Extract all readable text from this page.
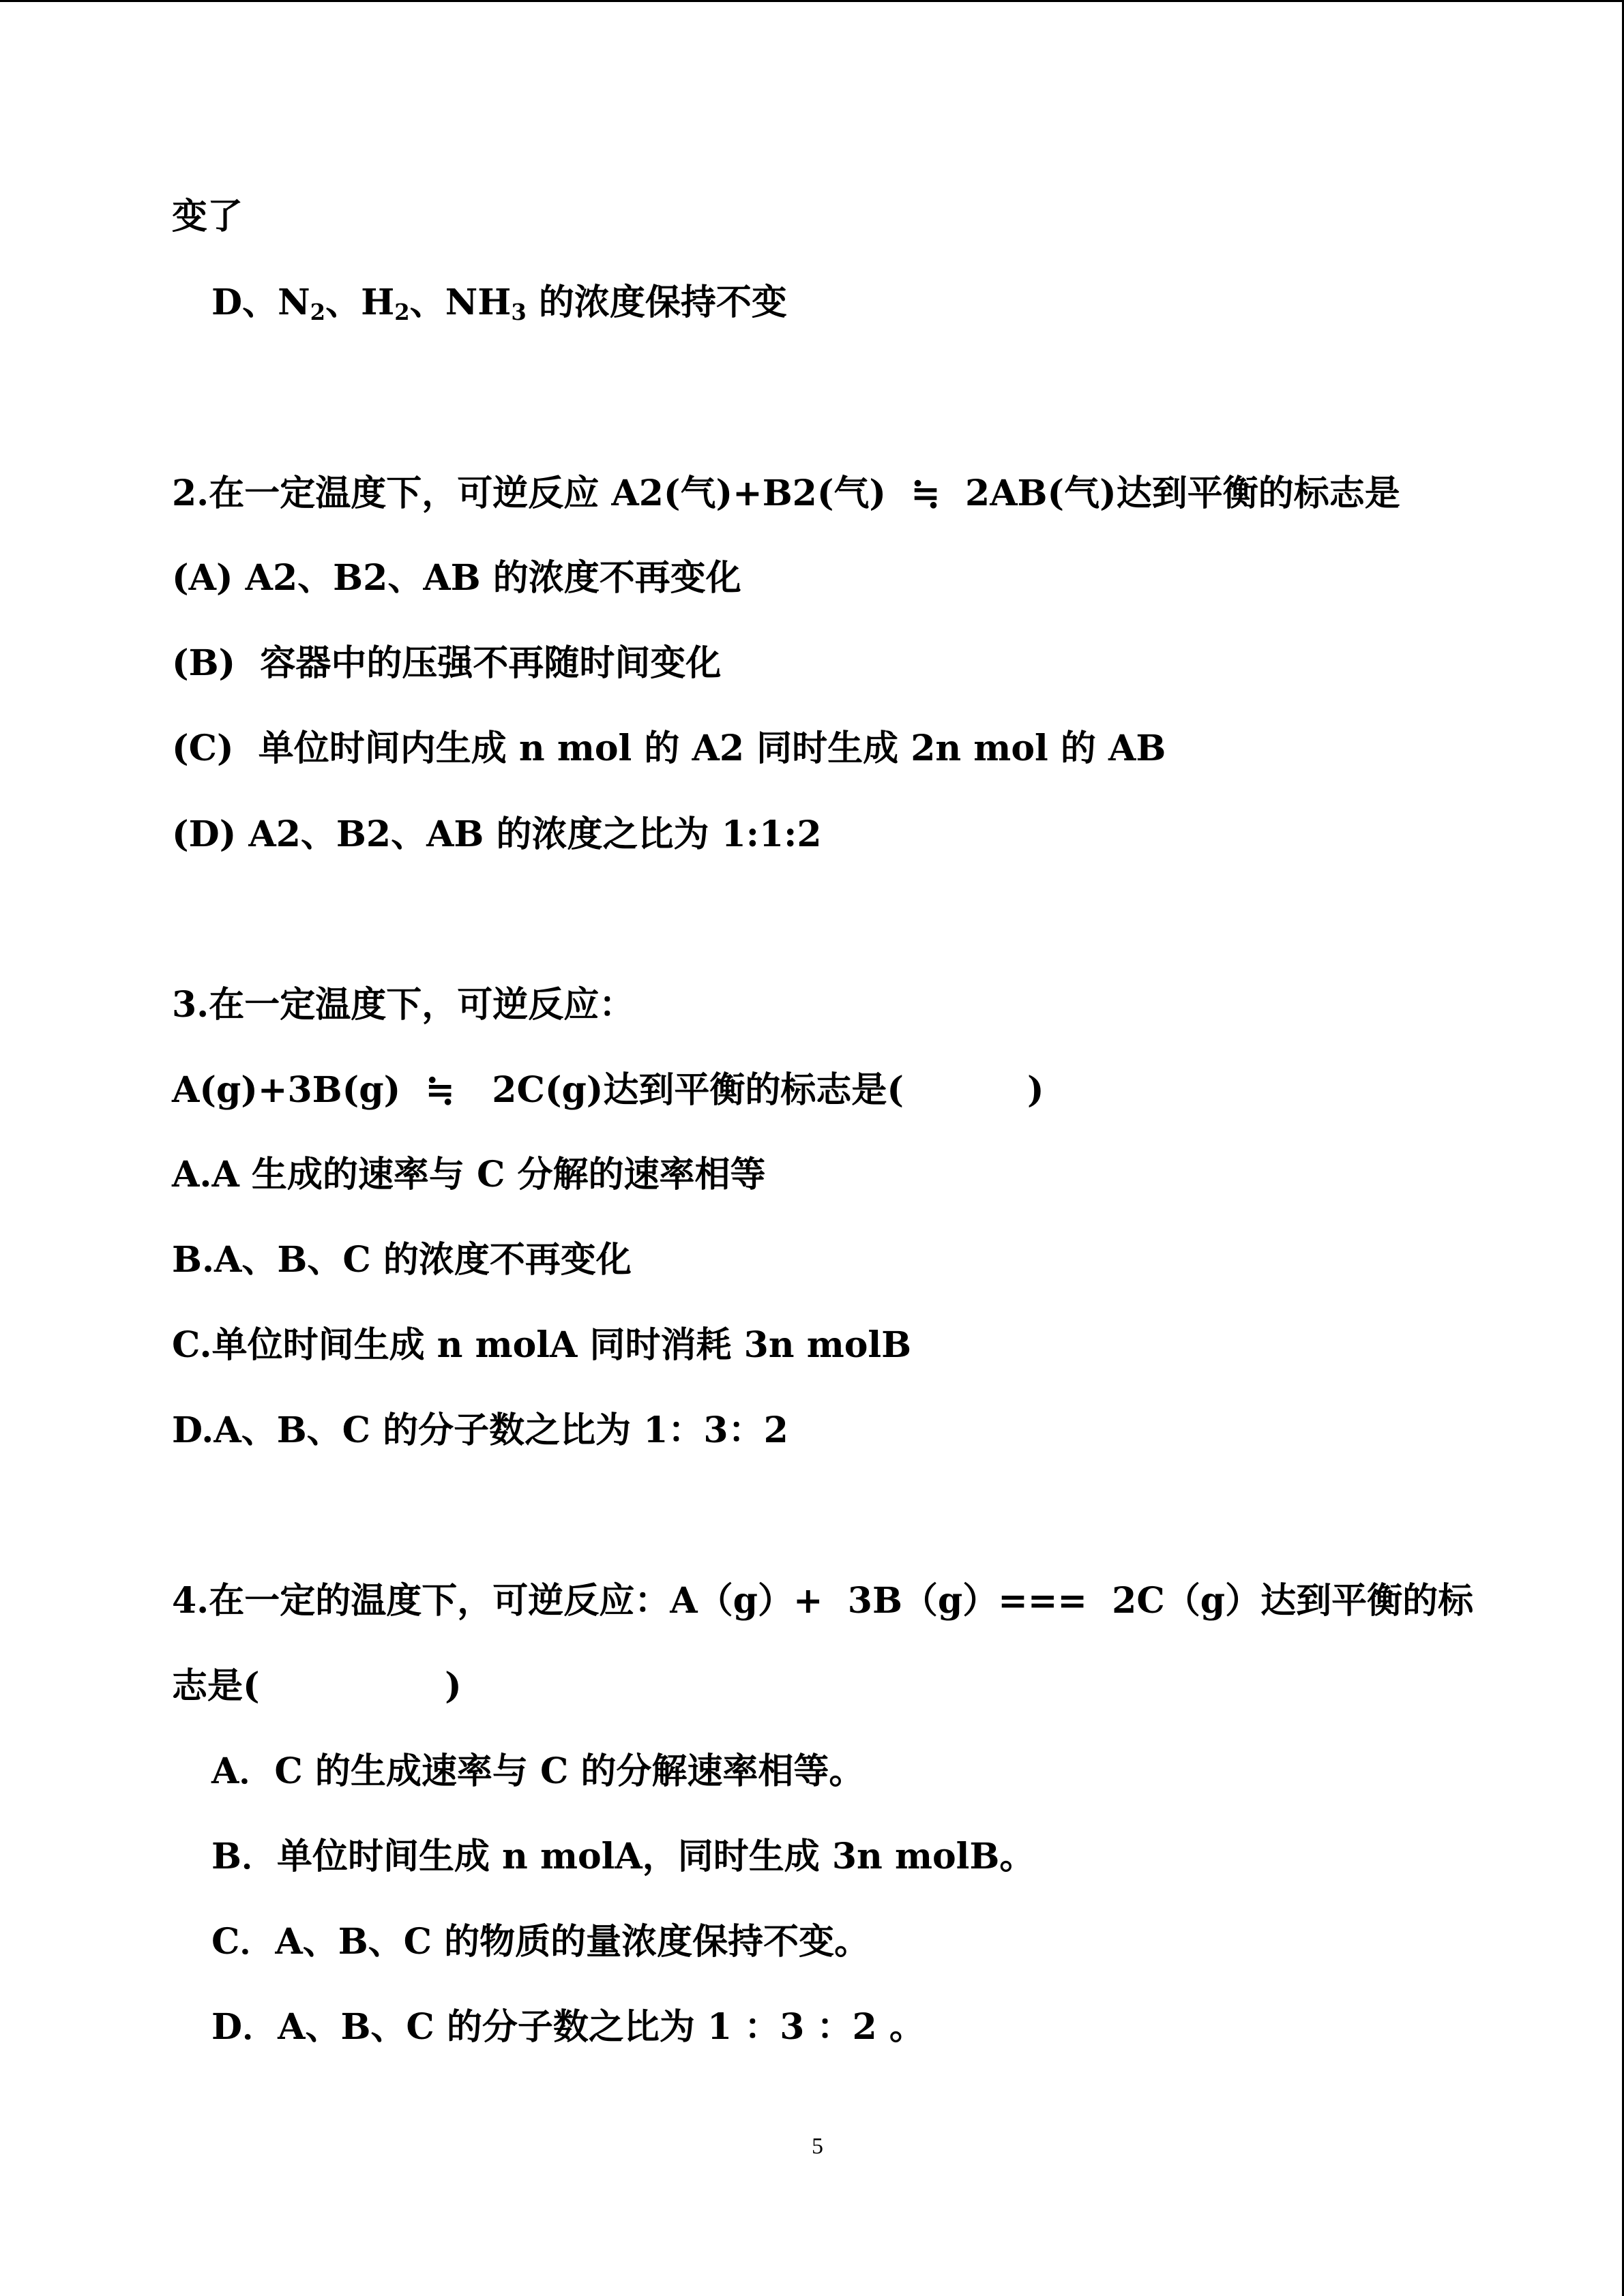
变了

D、$N_2$、$H_2$、$NH_3$ 的浓度保持不变

2.在一定温度下，可逆反应 A2(气)+B2(气)  ≒  2AB(气)达到平衡的标志是

(A) A2、B2、AB 的浓度不再变化

(B)  容器中的压强不再随时间变化

(C)  单位时间内生成 n mol 的 A2 同时生成 2n mol 的 AB

(D) A2、B2、AB 的浓度之比为 1:1:2

3.在一定温度下，可逆反应：

A(g)+3B(g)  ≒   2C(g)达到平衡的标志是(          )

A.A 生成的速率与 C 分解的速率相等

B.A、B、C 的浓度不再变化

C.单位时间生成 n molA 同时消耗 3n molB

D.A、B、C 的分子数之比为 1：3：2

4.在一定的温度下，可逆反应：A（g）+  3B（g）===  2C（g）达到平衡的标

志是(               )

A．C 的生成速率与 C 的分解速率相等。

B．单位时间生成 n molA，同时生成 3n molB。

C．A、B、C 的物质的量浓度保持不变。

D．A、B、C 的分子数之比为 1 ：3 ：2 。

5
